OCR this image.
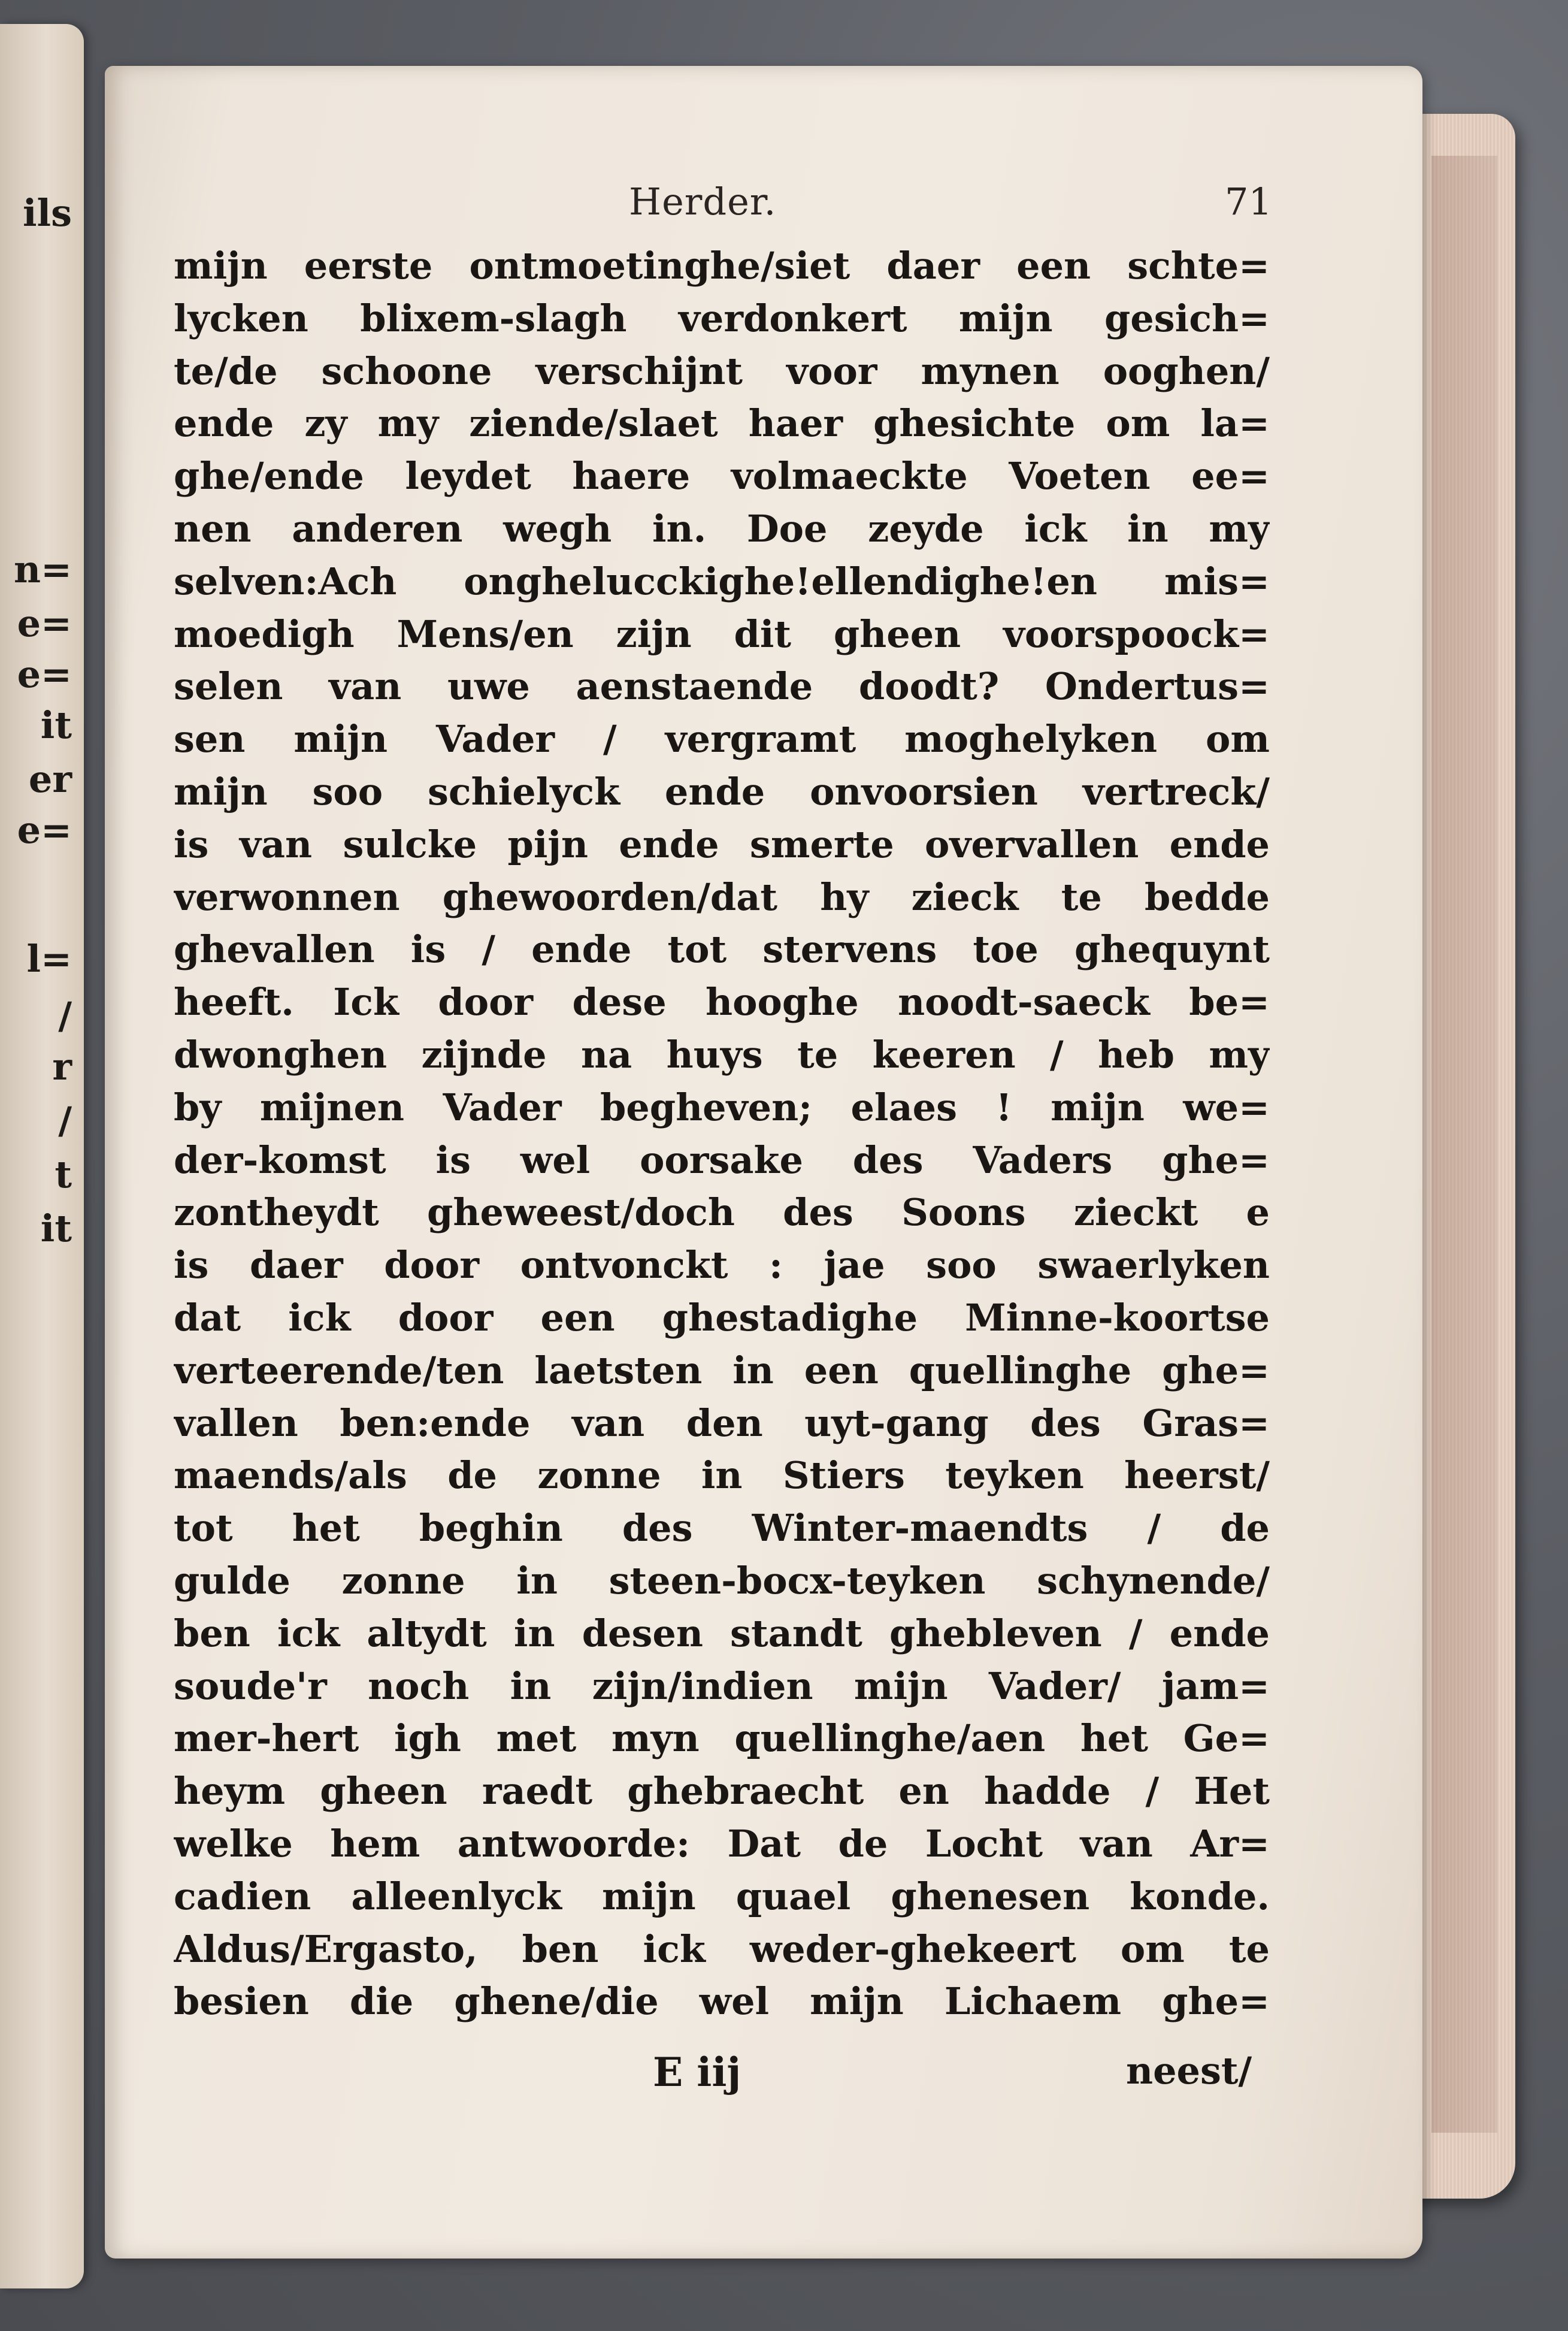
ils
n=
e=
e=
it
er
e=
l=
/
r
/
t
it
Herder.	71
mijn eerste ontmoetinghe/siet daer een schte=
lycken blixem-slagh verdonkert mijn gesich=
te/de schoone verschijnt voor mynen ooghen/
ende zy my ziende/slaet haer ghesichte om la=
ghe/ende leydet haere volmaeckte Voeten ee=
nen anderen wegh in. Doe zeyde ick in my
selven:Ach onghelucckighe!ellendighe!en mis=
moedigh Mens/en zijn dit gheen voorspoock=
selen van uwe aenstaende doodt? Ondertus=
sen mijn Vader / vergramt moghelyken om
mijn soo schielyck ende onvoorsien vertreck/
is van sulcke pijn ende smerte overvallen ende
verwonnen ghewoorden/dat hy zieck te bedde
ghevallen is / ende tot stervens toe ghequynt
heeft. Ick door dese hooghe noodt-saeck be=
dwonghen zijnde na huys te keeren / heb my
by mijnen Vader begheven; elaes ! mijn we=
der-komst is wel oorsake des Vaders ghe=
zontheydt gheweest/doch des Soons zieckt e
is daer door ontvonckt : jae soo swaerlyken
dat ick door een ghestadighe Minne-koortse
verteerende/ten laetsten in een quellinghe ghe=
vallen ben:ende van den uyt-gang des Gras=
maends/als de zonne in Stiers teyken heerst/
tot het beghin des Winter-maendts / de
gulde zonne in steen-bocx-teyken schynende/
ben ick altydt in desen standt ghebleven / ende
soude'r noch in zijn/indien mijn Vader/ jam=
mer-hert igh met myn quellinghe/aen het Ge=
heym gheen raedt ghebraecht en hadde / Het
welke hem antwoorde: Dat de Locht van Ar=
cadien alleenlyck mijn quael ghenesen konde.
Aldus/Ergasto, ben ick weder-ghekeert om te
besien die ghene/die wel mijn Lichaem ghe=
E iij	neest/
